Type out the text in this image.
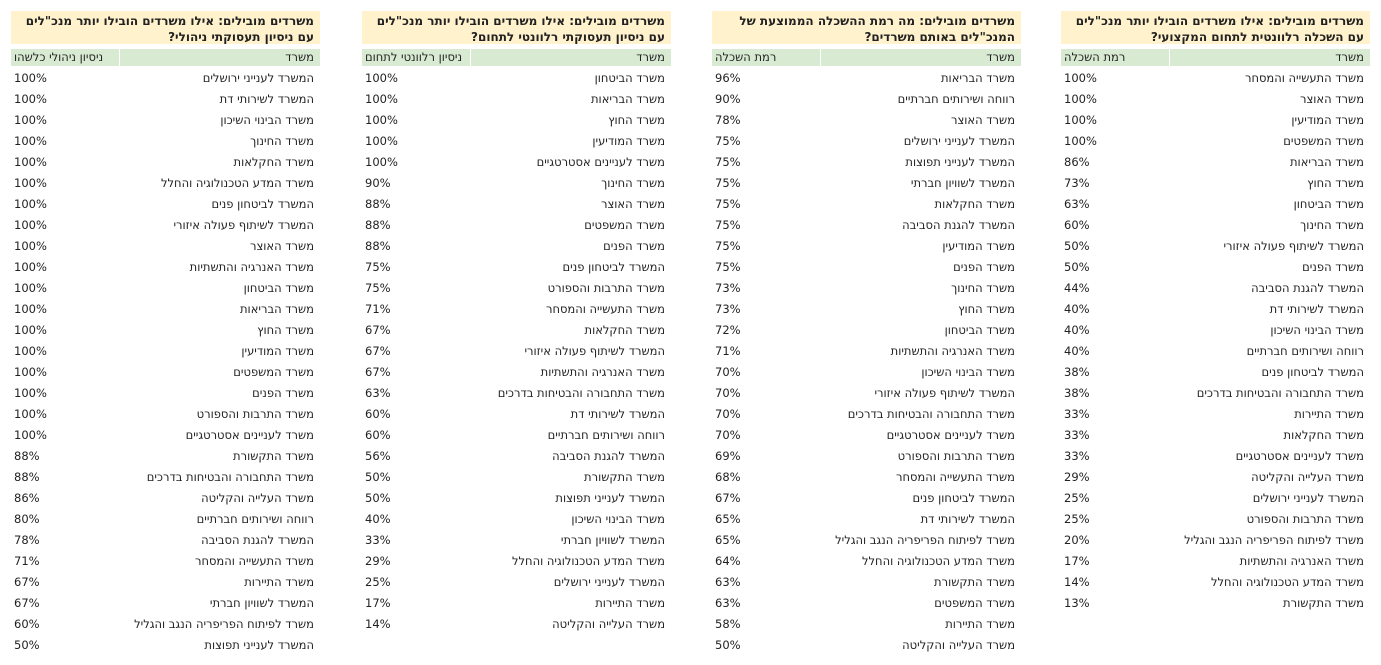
משרדים מובילים: אילו משרדים הובילו יותר מנכ"לים עם השכלה רלוונטית לתחום המקצועי?
משרד
רמת השכלה
משרד התעשייה והמסחר
100%
משרד האוצר
100%
משרד המודיעין
100%
משרד המשפטים
100%
משרד הבריאות
86%
משרד החוץ
73%
משרד הביטחון
63%
משרד החינוך
60%
המשרד לשיתוף פעולה איזורי
50%
משרד הפנים
50%
המשרד להגנת הסביבה
44%
המשרד לשירותי דת
40%
משרד הבינוי השיכון
40%
רווחה ושירותים חברתיים
40%
המשרד לביטחון פנים
38%
משרד התחבורה והבטיחות בדרכים
38%
משרד התיירות
33%
משרד החקלאות
33%
משרד לעניינים אסטרטגיים
33%
משרד העלייה והקליטה
29%
המשרד לענייני ירושלים
25%
משרד התרבות והספורט
25%
משרד לפיתוח הפריפריה הנגב והגליל
20%
משרד האנרגיה והתשתיות
17%
משרד המדע הטכנולוגיה והחלל
14%
משרד התקשורת
13%
משרדים מובילים: מה רמת ההשכלה הממוצעת של המנכ"לים באותם משרדים?
משרד
רמת השכלה
משרד הבריאות
96%
רווחה ושירותים חברתיים
90%
משרד האוצר
78%
המשרד לענייני ירושלים
75%
המשרד לענייני תפוצות
75%
המשרד לשוויון חברתי
75%
משרד החקלאות
75%
המשרד להגנת הסביבה
75%
משרד המודיעין
75%
משרד הפנים
75%
משרד החינוך
73%
משרד החוץ
73%
משרד הביטחון
72%
משרד האנרגיה והתשתיות
71%
משרד הבינוי השיכון
70%
המשרד לשיתוף פעולה איזורי
70%
משרד התחבורה והבטיחות בדרכים
70%
משרד לעניינים אסטרטגיים
70%
משרד התרבות והספורט
69%
משרד התעשייה והמסחר
68%
המשרד לביטחון פנים
67%
המשרד לשירותי דת
65%
משרד לפיתוח הפריפריה הנגב והגליל
65%
משרד המדע הטכנולוגיה והחלל
64%
משרד התקשורת
63%
משרד המשפטים
63%
משרד התיירות
58%
משרד העלייה והקליטה
50%
משרדים מובילים: אילו משרדים הובילו יותר מנכ"לים עם ניסיון תעסוקתי רלוונטי לתחום?
משרד
ניסיון רלוונטי לתחום
משרד הביטחון
100%
משרד הבריאות
100%
משרד החוץ
100%
משרד המודיעין
100%
משרד לעניינים אסטרטגיים
100%
משרד החינוך
90%
משרד האוצר
88%
משרד המשפטים
88%
משרד הפנים
88%
המשרד לביטחון פנים
75%
משרד התרבות והספורט
75%
משרד התעשייה והמסחר
71%
משרד החקלאות
67%
המשרד לשיתוף פעולה איזורי
67%
משרד האנרגיה והתשתיות
67%
משרד התחבורה והבטיחות בדרכים
63%
המשרד לשירותי דת
60%
רווחה ושירותים חברתיים
60%
המשרד להגנת הסביבה
56%
משרד התקשורת
50%
המשרד לענייני תפוצות
50%
משרד הבינוי השיכון
40%
המשרד לשוויון חברתי
33%
משרד המדע הטכנולוגיה והחלל
29%
המשרד לענייני ירושלים
25%
משרד התיירות
17%
משרד העלייה והקליטה
14%
משרדים מובילים: אילו משרדים הובילו יותר מנכ"לים עם ניסיון תעסוקתי ניהולי?
משרד
ניסיון ניהולי כלשהו
המשרד לענייני ירושלים
100%
המשרד לשירותי דת
100%
משרד הבינוי השיכון
100%
משרד החינוך
100%
משרד החקלאות
100%
משרד המדע הטכנולוגיה והחלל
100%
המשרד לביטחון פנים
100%
המשרד לשיתוף פעולה איזורי
100%
משרד האוצר
100%
משרד האנרגיה והתשתיות
100%
משרד הביטחון
100%
משרד הבריאות
100%
משרד החוץ
100%
משרד המודיעין
100%
משרד המשפטים
100%
משרד הפנים
100%
משרד התרבות והספורט
100%
משרד לעניינים אסטרטגיים
100%
משרד התקשורת
88%
משרד התחבורה והבטיחות בדרכים
88%
משרד העלייה והקליטה
86%
רווחה ושירותים חברתיים
80%
המשרד להגנת הסביבה
78%
משרד התעשייה והמסחר
71%
משרד התיירות
67%
המשרד לשוויון חברתי
67%
משרד לפיתוח הפריפריה הנגב והגליל
60%
המשרד לענייני תפוצות
50%
